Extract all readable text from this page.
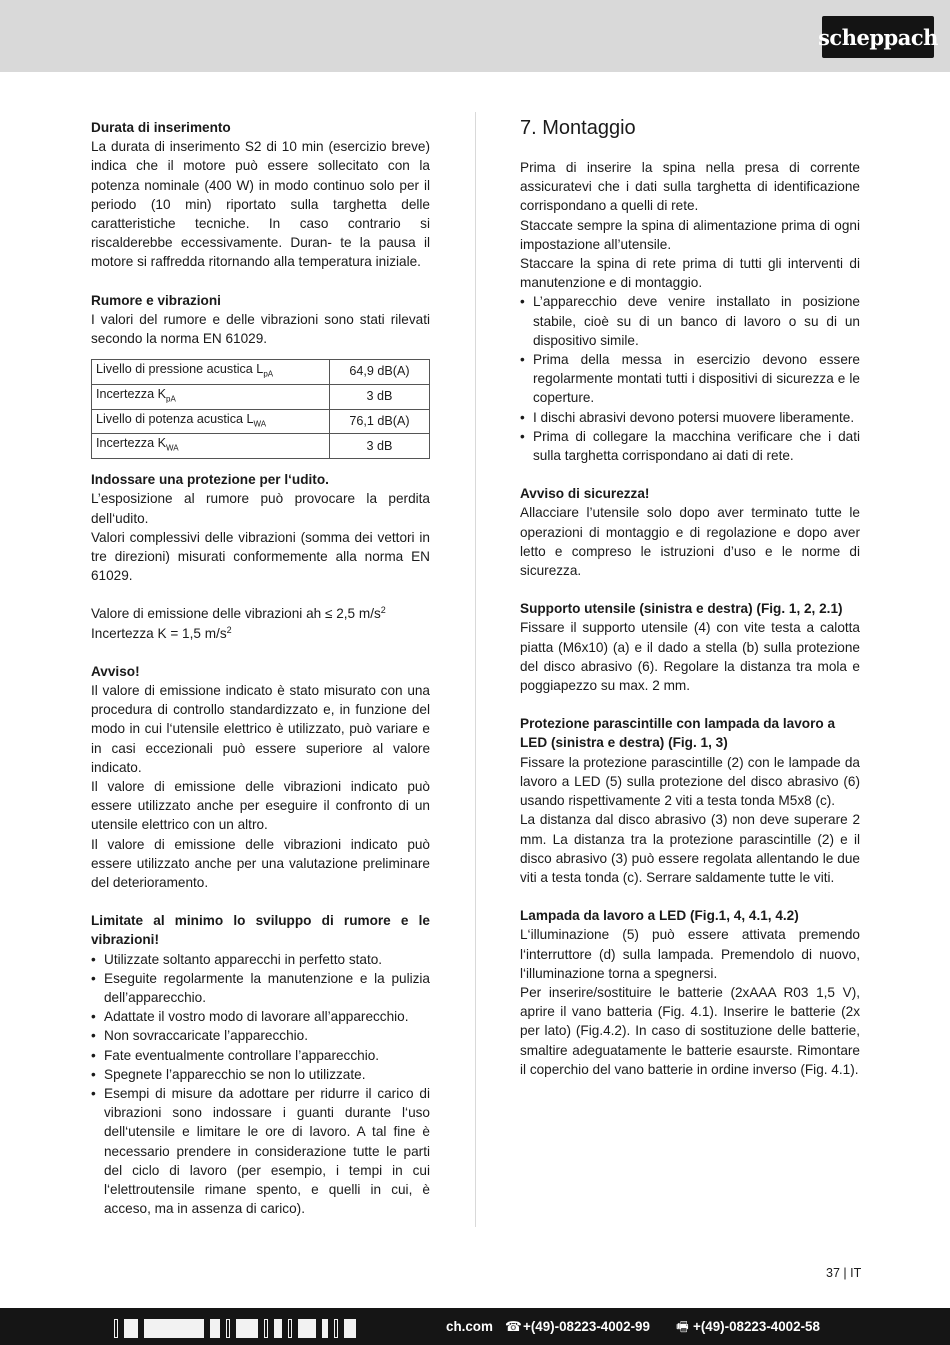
scheppach
Durata di inserimento

La durata di inserimento S2 di 10 min (esercizio breve) indica che il motore può essere sollecitato con la potenza nominale (400 W) in modo continuo solo per il periodo (10 min) riportato sulla targhetta delle caratteristiche tecniche. In caso contrario si riscalderebbe eccessivamente. Duran- te la pausa il motore si raffredda ritornando alla temperatura iniziale.

Rumore e vibrazioni

I valori del rumore e delle vibrazioni sono stati rilevati secondo la norma EN 61029.

Livello di pressione acustica $L_{pA}$	64,9 dB(A)
Incertezza $K_{pA}$	3 dB
Livello di potenza acustica $L_{WA}$	76,1 dB(A)
Incertezza $K_{WA}$	3 dB
Indossare una protezione per l‘udito.

L’esposizione al rumore può provocare la perdita dell‘udito.

Valori complessivi delle vibrazioni (somma dei vettori in tre direzioni) misurati conformemente alla norma EN 61029.

Valore di emissione delle vibrazioni ah ≤ 2,5 $m/s^2$
Incertezza K = 1,5 $m/s^2$
Avviso!

Il valore di emissione indicato è stato misurato con una procedura di controllo standardizzato e, in funzione del modo in cui l‘utensile elettrico è utilizzato, può variare e in casi eccezionali può essere superiore al valore indicato.

Il valore di emissione delle vibrazioni indicato può essere utilizzato anche per eseguire il confronto di un utensile elettrico con un altro.

Il valore di emissione delle vibrazioni indicato può essere utilizzato anche per una valutazione preliminare del deterioramento.

Limitate al minimo lo sviluppo di rumore e le vibrazioni!
• Utilizzate soltanto apparecchi in perfetto stato.
• Eseguite regolarmente la manutenzione e la pulizia dell’apparecchio.
• Adattate il vostro modo di lavorare all’apparecchio.
• Non sovraccaricate l’apparecchio.
• Fate eventualmente controllare l’apparecchio.
• Spegnete l’apparecchio se non lo utilizzate.
• Esempi di misure da adottare per ridurre il carico di vibrazioni sono indossare i guanti durante l‘uso dell‘utensile e limitare le ore di lavoro. A tal fine è necessario prendere in considerazione tutte le parti del ciclo di lavoro (per esempio, i tempi in cui l‘elettroutensile rimane spento, e quelli in cui, è acceso, ma in assenza di carico).
7. Montaggio

Prima di inserire la spina nella presa di corrente assicuratevi che i dati sulla targhetta di identificazione corrispondano a quelli di rete.

Staccate sempre la spina di alimentazione prima di ogni impostazione all’utensile.

Staccare la spina di rete prima di tutti gli interventi di manutenzione e di montaggio.

• L’apparecchio deve venire installato in posizione stabile, cioè su di un banco di lavoro o su di un dispositivo simile.
• Prima della messa in esercizio devono essere regolarmente montati tutti i dispositivi di sicurezza e le coperture.
• I dischi abrasivi devono potersi muovere liberamente.
• Prima di collegare la macchina verificare che i dati sulla targhetta corrispondano ai dati di rete.
Avviso di sicurezza!

Allacciare l’utensile solo dopo aver terminato tutte le operazioni di montaggio e di regolazione e dopo aver letto e compreso le istruzioni d’uso e le norme di sicurezza.

Supporto utensile (sinistra e destra) (Fig. 1, 2, 2.1)

Fissare il supporto utensile (4) con vite testa a calotta piatta (M6x10) (a) e il dado a stella (b) sulla protezione del disco abrasivo (6). Regolare la distanza tra mola e poggiapezzo su max. 2 mm.

Protezione parascintille con lampada da lavoro a LED (sinistra e destra) (Fig. 1, 3)

Fissare la protezione parascintille (2) con le lampade da lavoro a LED (5) sulla protezione del disco abrasivo (6) usando rispettivamente 2 viti a testa tonda M5x8 (c).

La distanza dal disco abrasivo (3) non deve superare 2 mm. La distanza tra la protezione parascintille (2) e il disco abrasivo (3) può essere regolata allentando le due viti a testa tonda (c). Serrare saldamente tutte le viti.

Lampada da lavoro a LED (Fig.1, 4, 4.1, 4.2)

L‘illuminazione (5) può essere attivata premendo l‘interruttore (d) sulla lampada. Premendolo di nuovo, l‘illuminazione torna a spegnersi.

Per inserire/sostituire le batterie (2xAAA R03 1,5 V), aprire il vano batteria (Fig. 4.1). Inserire le batterie (2x per lato) (Fig.4.2). In caso di sostituzione delle batterie, smaltire adeguatamente le batterie esaurste. Rimontare il coperchio del vano batterie in ordine inverso (Fig. 4.1).

37 | IT
ch.com ☎ +(49)-08223-4002-99 🖷 +(49)-08223-4002-58
